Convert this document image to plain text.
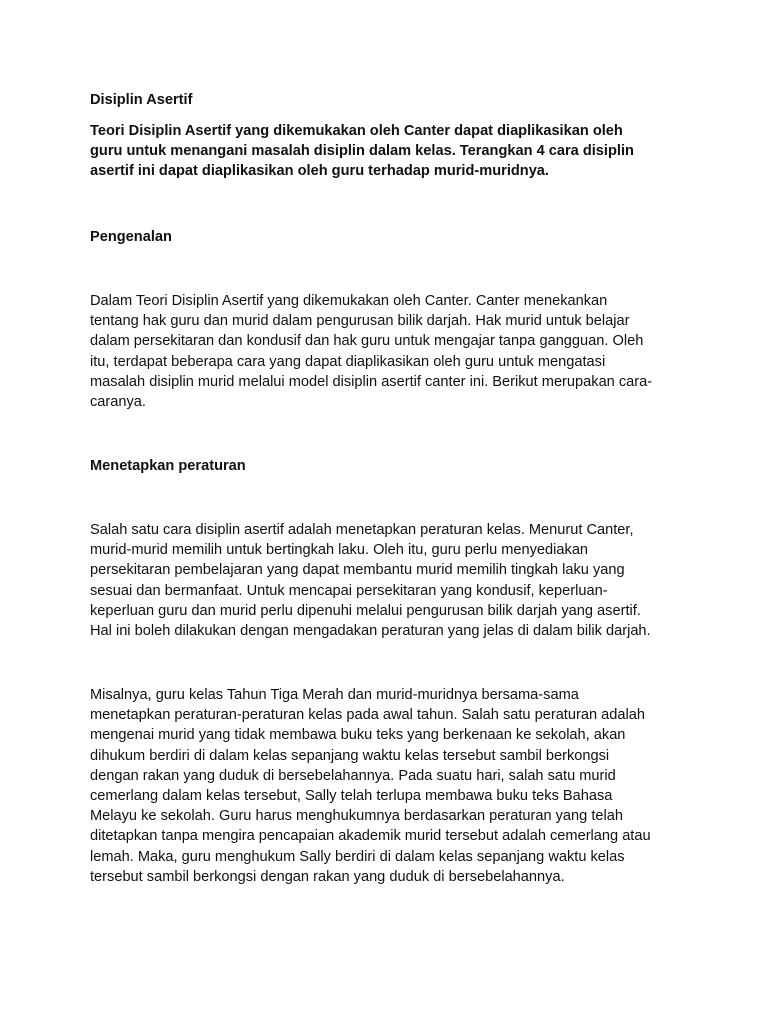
Disiplin Asertif
Teori Disiplin Asertif yang dikemukakan oleh Canter dapat diaplikasikan oleh
guru untuk menangani masalah disiplin dalam kelas. Terangkan 4 cara disiplin
asertif ini dapat diaplikasikan oleh guru terhadap murid-muridnya.
Pengenalan
Dalam Teori Disiplin Asertif yang dikemukakan oleh Canter. Canter menekankan
tentang hak guru dan murid dalam pengurusan bilik darjah. Hak murid untuk belajar
dalam persekitaran dan kondusif dan hak guru untuk mengajar tanpa gangguan. Oleh
itu, terdapat beberapa cara yang dapat diaplikasikan oleh guru untuk mengatasi
masalah disiplin murid melalui model disiplin asertif canter ini. Berikut merupakan cara-
caranya.
Menetapkan peraturan
Salah satu cara disiplin asertif adalah menetapkan peraturan kelas. Menurut Canter,
murid-murid memilih untuk bertingkah laku. Oleh itu, guru perlu menyediakan
persekitaran pembelajaran yang dapat membantu murid memilih tingkah laku yang
sesuai dan bermanfaat. Untuk mencapai persekitaran yang kondusif, keperluan-
keperluan guru dan murid perlu dipenuhi melalui pengurusan bilik darjah yang asertif.
Hal ini boleh dilakukan dengan mengadakan peraturan yang jelas di dalam bilik darjah.
Misalnya, guru kelas Tahun Tiga Merah dan murid-muridnya bersama-sama
menetapkan peraturan-peraturan kelas pada awal tahun. Salah satu peraturan adalah
mengenai murid yang tidak membawa buku teks yang berkenaan ke sekolah, akan
dihukum berdiri di dalam kelas sepanjang waktu kelas tersebut sambil berkongsi
dengan rakan yang duduk di bersebelahannya. Pada suatu hari, salah satu murid
cemerlang dalam kelas tersebut, Sally telah terlupa membawa buku teks Bahasa
Melayu ke sekolah. Guru harus menghukumnya berdasarkan peraturan yang telah
ditetapkan tanpa mengira pencapaian akademik murid tersebut adalah cemerlang atau
lemah. Maka, guru menghukum Sally berdiri di dalam kelas sepanjang waktu kelas
tersebut sambil berkongsi dengan rakan yang duduk di bersebelahannya.
